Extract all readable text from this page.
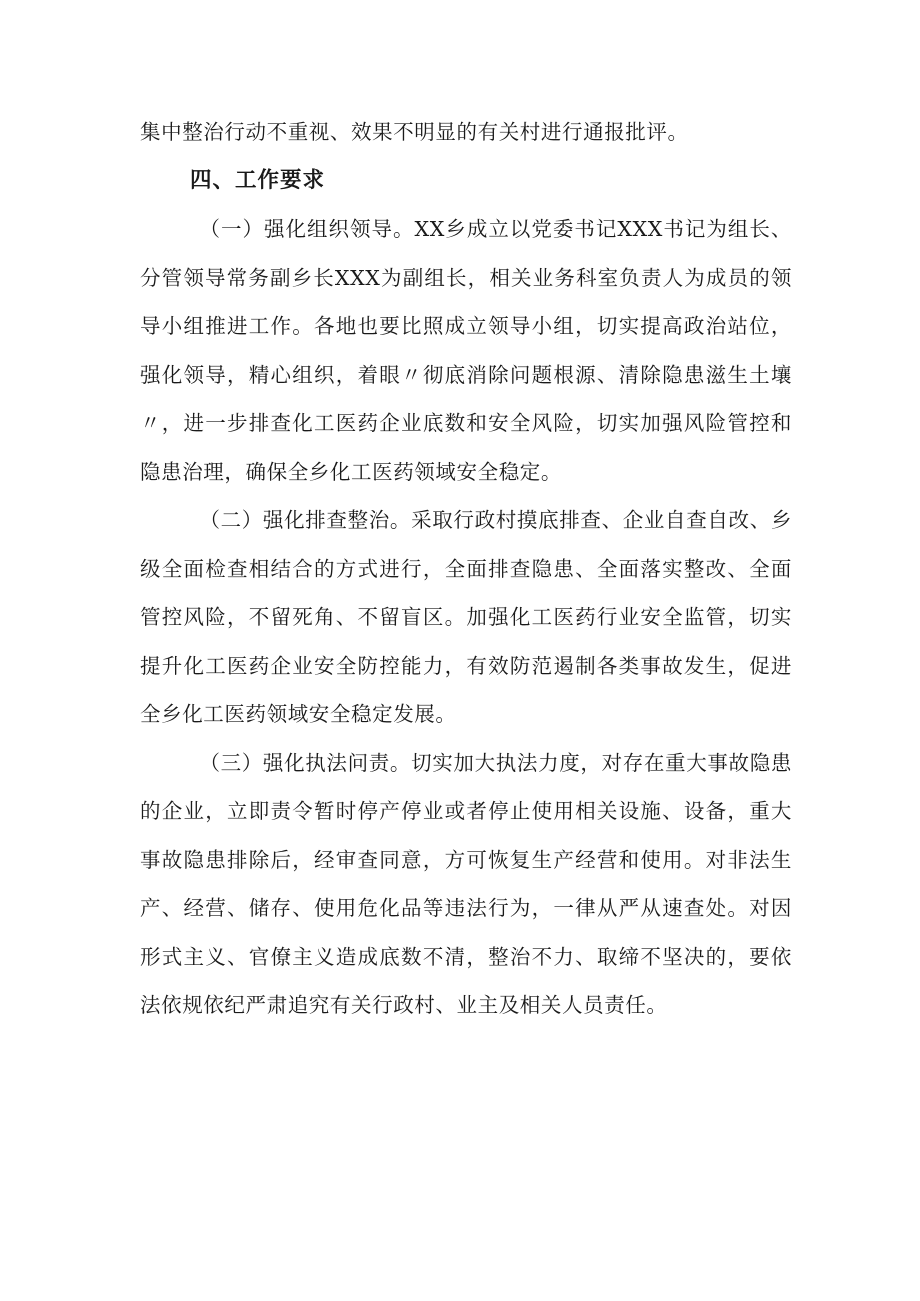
集中整治行动不重视、效果不明显的有关村进行通报批评。

四、工作要求

（一）强化组织领导。XX乡成立以党委书记XXX书记为组长、分管领导常务副乡长XXX为副组长，相关业务科室负责人为成员的领导小组推进工作。各地也要比照成立领导小组，切实提高政治站位，强化领导，精心组织，着眼〃彻底消除问题根源、清除隐患滋生土壤〃，进一步排查化工医药企业底数和安全风险，切实加强风险管控和隐患治理，确保全乡化工医药领域安全稳定。

（二）强化排查整治。采取行政村摸底排查、企业自查自改、乡级全面检查相结合的方式进行，全面排查隐患、全面落实整改、全面管控风险，不留死角、不留盲区。加强化工医药行业安全监管，切实提升化工医药企业安全防控能力，有效防范遏制各类事故发生，促进全乡化工医药领域安全稳定发展。

（三）强化执法问责。切实加大执法力度，对存在重大事故隐患的企业，立即责令暂时停产停业或者停止使用相关设施、设备，重大事故隐患排除后，经审查同意，方可恢复生产经营和使用。对非法生产、经营、储存、使用危化品等违法行为，一律从严从速查处。对因形式主义、官僚主义造成底数不清，整治不力、取缔不坚决的，要依法依规依纪严肃追究有关行政村、业主及相关人员责任。
